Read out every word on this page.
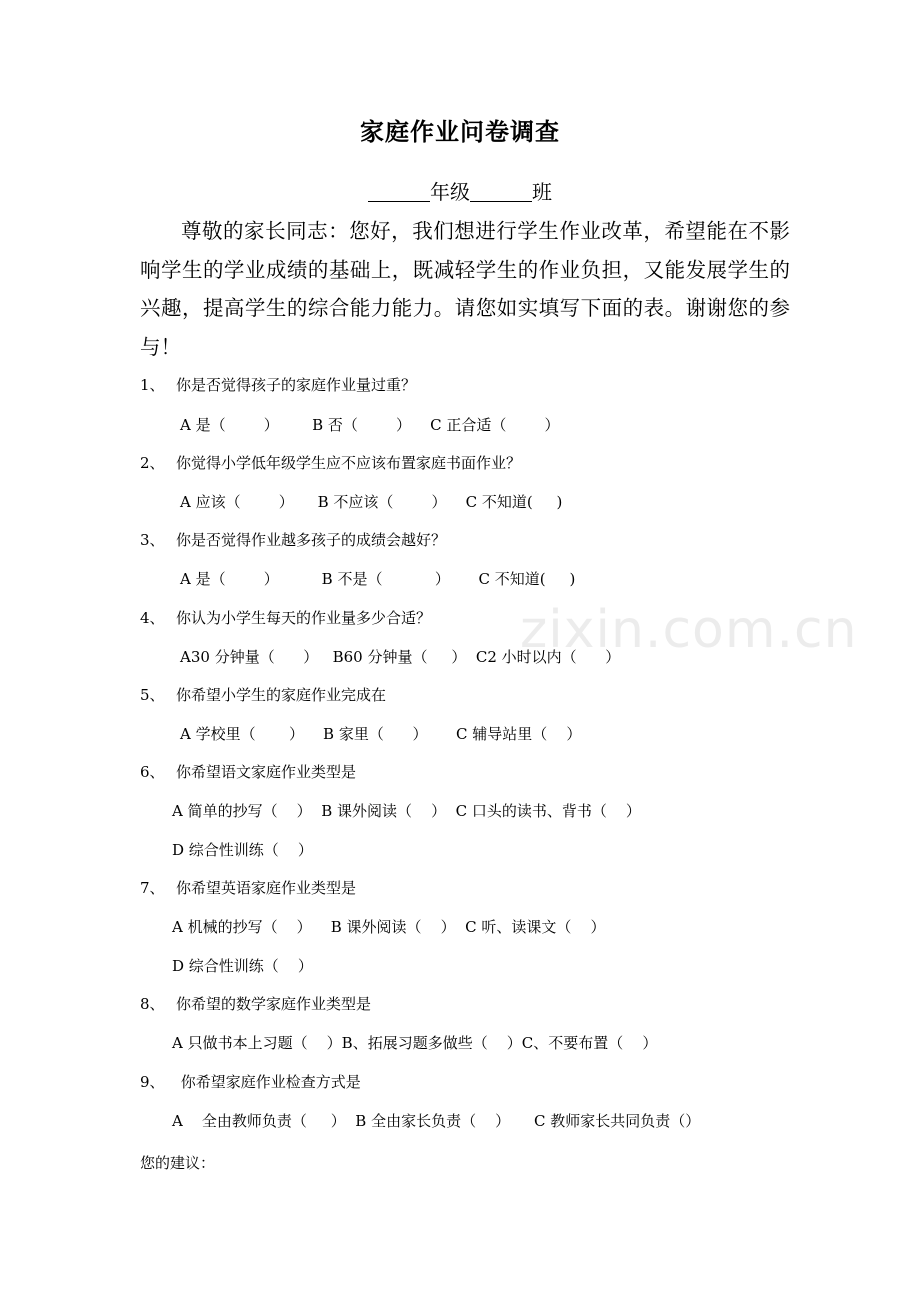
zixin.com.cn
家庭作业问卷调查
年级	班
尊敬的家长同志：您好，我们想进行学生作业改革，希望能在不影响学生的学业成绩的基础上，既减轻学生的作业负担，又能发展学生的兴趣，提高学生的综合能力能力。请您如实填写下面的表。谢谢您的参与！
1、 你是否觉得孩子的家庭作业量过重？
A 是（        ）       B 否（        ）    C 正合适（        ）
2、 你觉得小学低年级学生应不应该布置家庭书面作业？
A 应该（        ）     B 不应该（        ）    C 不知道(     )
3、 你是否觉得作业越多孩子的成绩会越好？
A 是（        ）         B 不是（           ）      C 不知道(     )
4、 你认为小学生每天的作业量多少合适？
A30 分钟量（      ）   B60 分钟量（     ）  C2 小时以内（      ）
5、 你希望小学生的家庭作业完成在
A 学校里（       ）    B 家里（      ）      C 辅导站里（    ）
6、 你希望语文家庭作业类型是
A 简单的抄写（    ）  B 课外阅读（    ）  C 口头的读书、背书（    ）
D 综合性训练（    ）
7、 你希望英语家庭作业类型是
A 机械的抄写（    ）    B 课外阅读（    ）  C 听、读课文（    ）
D 综合性训练（    ）
8、 你希望的数学家庭作业类型是
A 只做书本上习题（    ）B、拓展习题多做些（    ）C、不要布置（    ）
9、 你希望家庭作业检查方式是
A    全由教师负责（     ）  B 全由家长负责（    ）     C 教师家长共同负责（）
您的建议：
